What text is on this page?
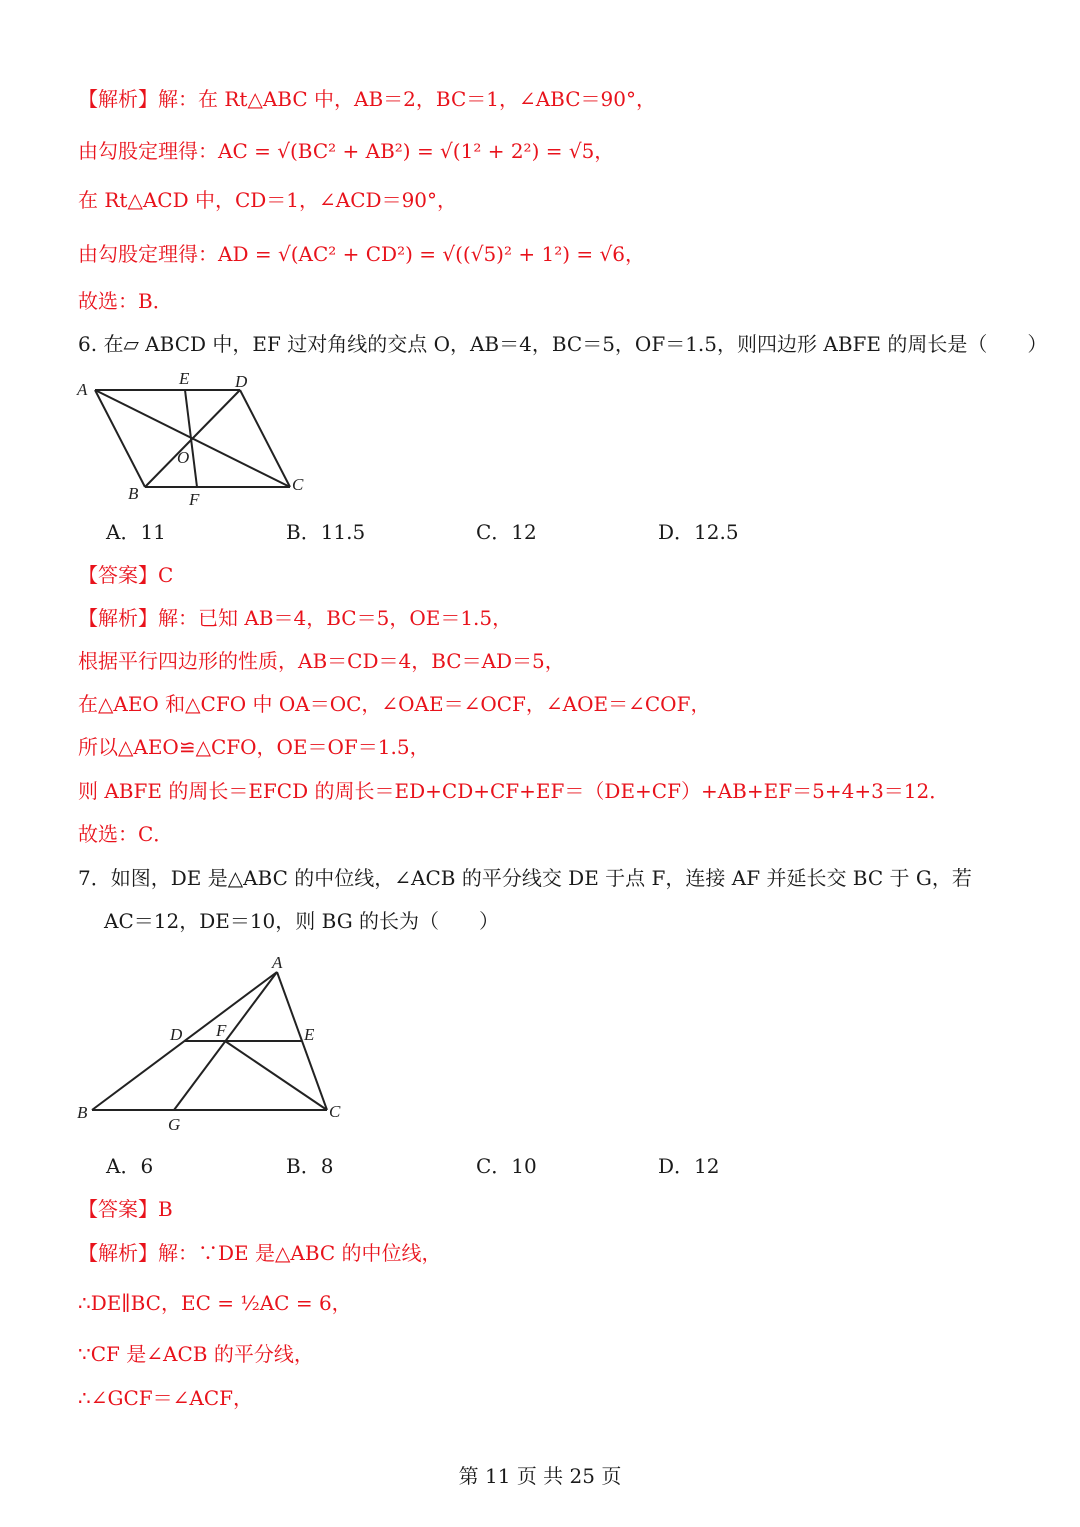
【解析】解：在 Rt△ABC 中，AB＝2，BC＝1，∠ABC＝90°，
由勾股定理得：AC = √(BC² + AB²) = √(1² + 2²) = √5，
在 Rt△ACD 中，CD＝1，∠ACD＝90°，
由勾股定理得：AD = √(AC² + CD²) = √((√5)² + 1²) = √6，
故选：B．
6. 在▱ ABCD 中，EF 过对角线的交点 O，AB＝4，BC＝5，OF＝1.5，则四边形 ABFE 的周长是（　　）
A
E	D
O
B	F
C
A．11	B．11.5	C．12	D．12.5
【答案】C
【解析】解：已知 AB＝4，BC＝5，OE＝1.5，
根据平行四边形的性质，AB＝CD＝4，BC＝AD＝5，
在△AEO 和△CFO 中 OA＝OC，∠OAE＝∠OCF，∠AOE＝∠COF，
所以△AEO≌△CFO，OE＝OF＝1.5，
则 ABFE 的周长＝EFCD 的周长＝ED+CD+CF+EF＝（DE+CF）+AB+EF＝5+4+3＝12．
故选：C．
7．如图，DE 是△ABC 的中位线，∠ACB 的平分线交 DE 于点 F，连接 AF 并延长交 BC 于 G，若
AC＝12，DE＝10，则 BG 的长为（　　）
A
D F	E
B
G
C
A．6	B．8	C．10	D．12
【答案】B
【解析】解：∵DE 是△ABC 的中位线，
∴DE∥BC，EC = ½AC = 6，
∵CF 是∠ACB 的平分线，
∴∠GCF＝∠ACF，
第 11 页 共 25 页
